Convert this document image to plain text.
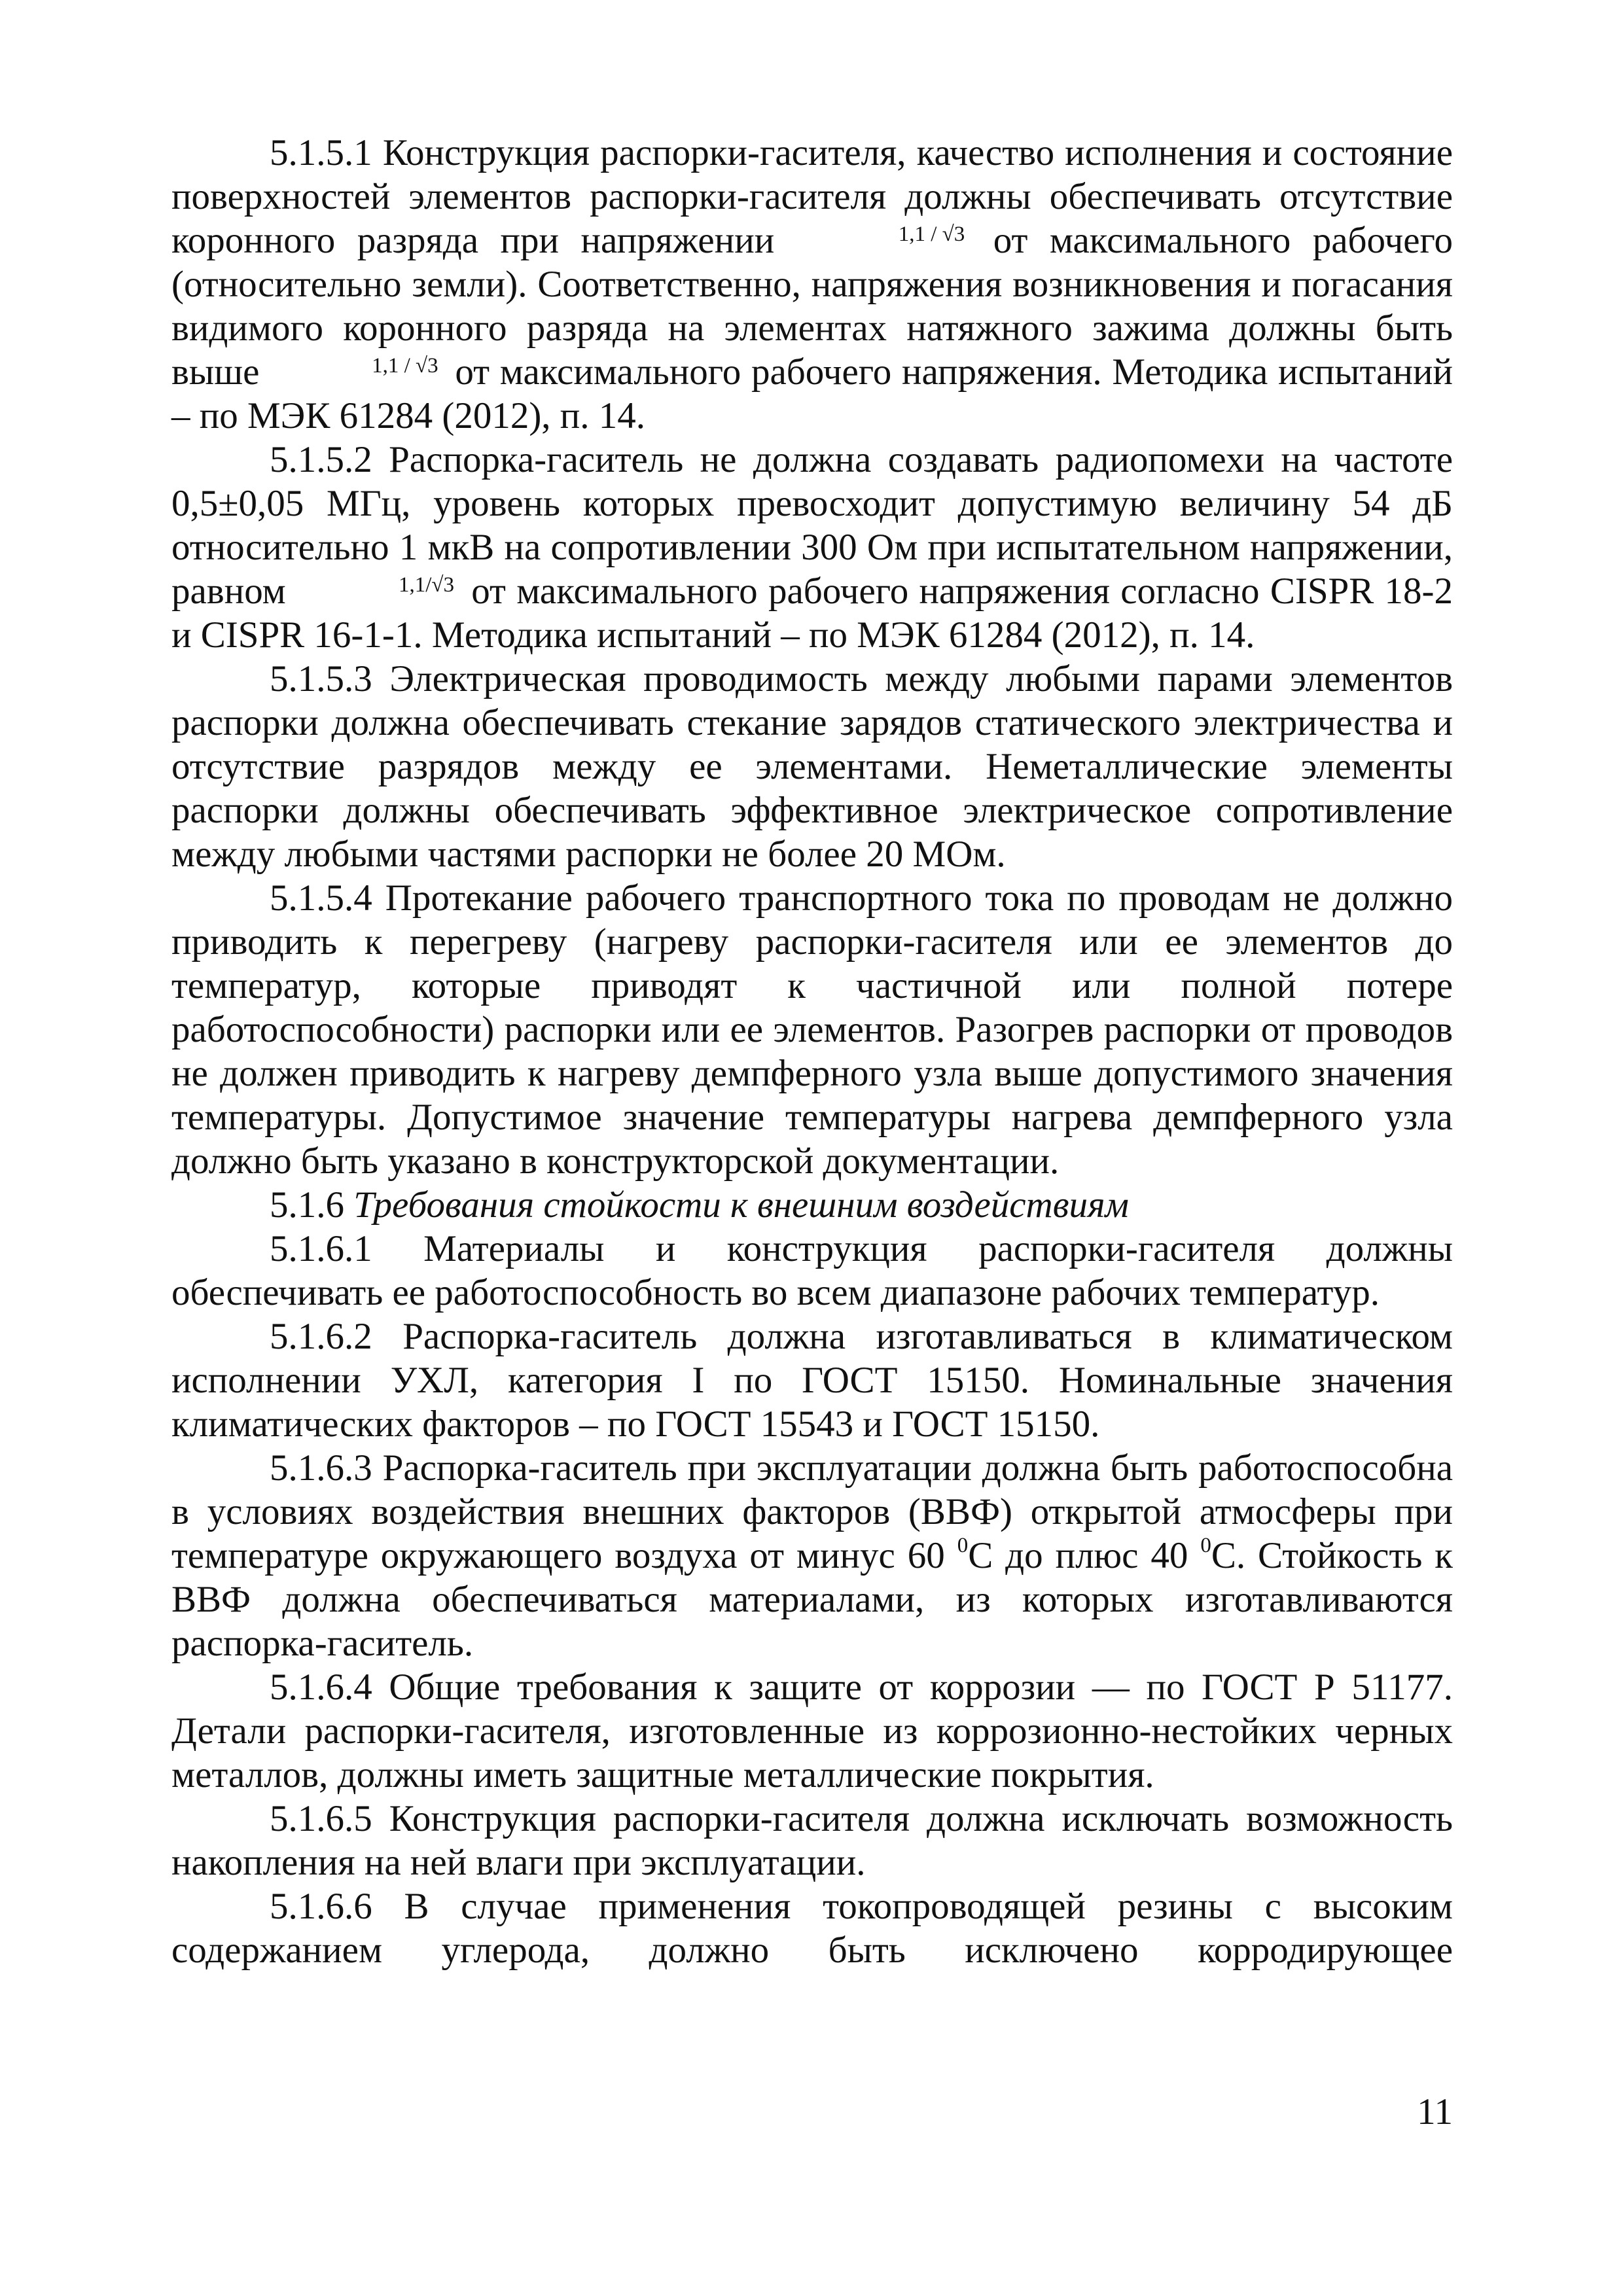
5.1.5.1 Конструкция распорки-гасителя, качество исполнения и состояние поверхностей элементов распорки-гасителя должны обеспечивать отсутствие коронного разряда при напряжении	1,1 / √3 от максимального рабочего (относительно земли). Соответственно, напряжения возникновения и погасания видимого коронного разряда на элементах натяжного зажима должны быть выше	1,1 / √3 от максимального рабочего напряжения. Методика испытаний – по МЭК 61284 (2012), п. 14.

5.1.5.2 Распорка-гаситель не должна создавать радиопомехи на частоте 0,5±0,05 МГц, уровень которых превосходит допустимую величину 54 дБ относительно 1 мкВ на сопротивлении 300 Ом при испытательном напряжении, равном	1,1/√3 от максимального рабочего напряжения согласно CISPR 18-2 и CISPR 16-1-1. Методика испытаний – по МЭК 61284 (2012), п. 14.

5.1.5.3 Электрическая проводимость между любыми парами элементов распорки должна обеспечивать стекание зарядов статического электричества и отсутствие разрядов между ее элементами. Неметаллические элементы распорки должны обеспечивать эффективное электрическое сопротивление между любыми частями распорки не более 20 МОм.

5.1.5.4 Протекание рабочего транспортного тока по проводам не должно приводить к перегреву (нагреву распорки-гасителя или ее элементов до температур, которые приводят к частичной или полной потере работоспособности) распорки или ее элементов. Разогрев распорки от проводов не должен приводить к нагреву демпферного узла выше допустимого значения температуры. Допустимое значение температуры нагрева демпферного узла должно быть указано в конструкторской документации.

5.1.6 Требования стойкости к внешним воздействиям

5.1.6.1 Материалы и конструкция распорки-гасителя должны обеспечивать ее работоспособность во всем диапазоне рабочих температур.

5.1.6.2 Распорка-гаситель должна изготавливаться в климатическом исполнении УХЛ, категория I по ГОСТ 15150. Номинальные значения климатических факторов – по ГОСТ 15543 и ГОСТ 15150.

5.1.6.3 Распорка-гаситель при эксплуатации должна быть работоспособна в условиях воздействия внешних факторов (ВВФ) открытой атмосферы при температуре окружающего воздуха от минус 60 $^0$С до плюс 40 $^0$С. Стойкость к ВВФ должна обеспечиваться материалами, из которых изготавливаются распорка-гаситель.

5.1.6.4 Общие требования к защите от коррозии — по ГОСТ Р 51177. Детали распорки-гасителя, изготовленные из коррозионно-нестойких черных металлов, должны иметь защитные металлические покрытия.

5.1.6.5 Конструкция распорки-гасителя должна исключать возможность накопления на ней влаги при эксплуатации.

5.1.6.6 В случае применения токопроводящей резины с высоким содержанием углерода, должно быть исключено корродирующее

11
